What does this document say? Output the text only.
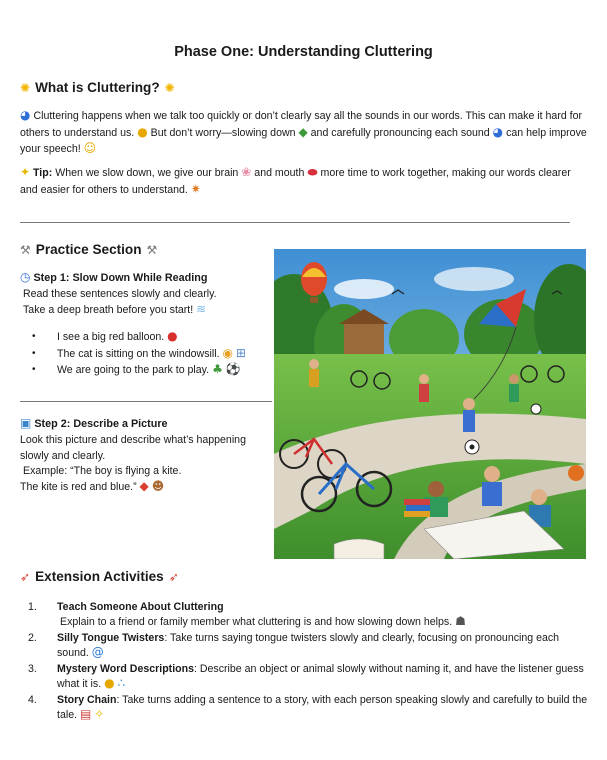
Phase One: Understanding Cluttering
✺ What is Cluttering? ✺
◕ Cluttering happens when we talk too quickly or don’t clearly say all the sounds in our words. This can make it hard for others to understand us. ● But don’t worry—slowing down ◆ and carefully pronouncing each sound ◕ can help improve your speech! ☺
✦ Tip: When we slow down, we give our brain ❀ and mouth ⬬ more time to work together, making our words clearer and easier for others to understand. ✷
⚒ Practice Section ⚒
◷ Step 1: Slow Down While Reading
Read these sentences slowly and clearly.
Take a deep breath before you start! ≋
• I see a big red balloon. ●
• The cat is sitting on the windowsill. ◉ ⊞
• We are going to the park to play. ♣ ⚽
▣ Step 2: Describe a Picture
Look this picture and describe what’s happening slowly and clearly.
Example: “The boy is flying a kite.
The kite is red and blue.” ◆ ☻
➶ Extension Activities ➶
1. Teach Someone About Cluttering
Explain to a friend or family member what cluttering is and how slowing down helps. ☗
2. Silly Tongue Twisters: Take turns saying tongue twisters slowly and clearly, focusing on pronouncing each sound. @
3. Mystery Word Descriptions: Describe an object or animal slowly without naming it, and have the listener guess what it is. ● ∴
4. Story Chain: Take turns adding a sentence to a story, with each person speaking slowly and carefully to build the tale. ▤ ✧
